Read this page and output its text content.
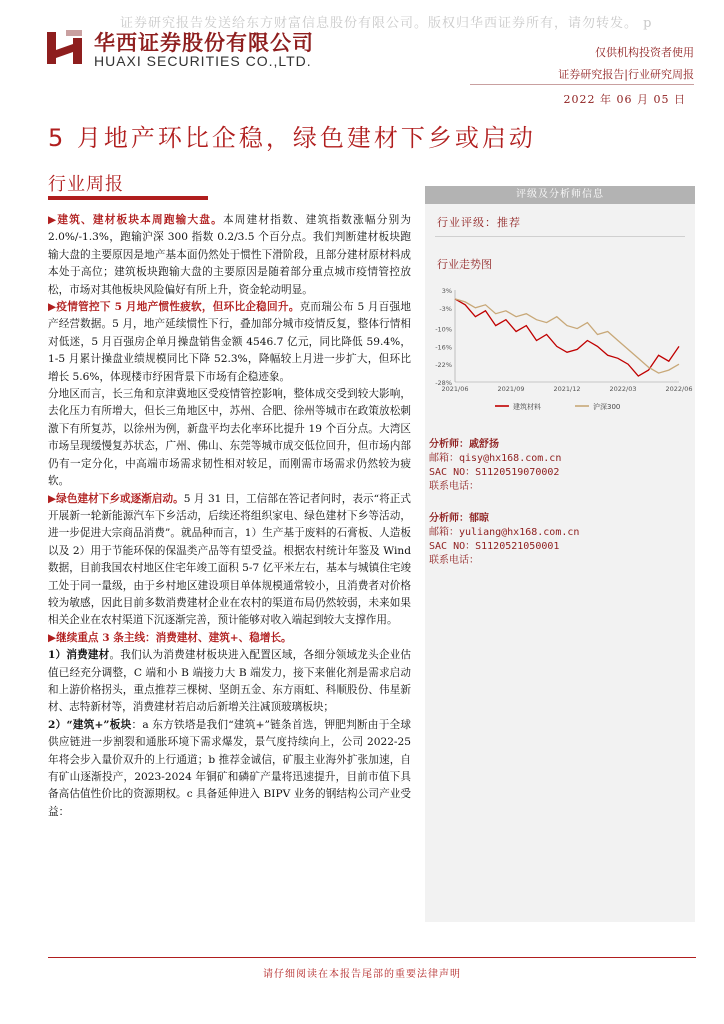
证券研究报告发送给东方财富信息股份有限公司。版权归华西证券所有，请勿转发。 p
华西证券股份有限公司
HUAXI SECURITIES CO.,LTD.
仅供机构投资者使用
证券研究报告|行业研究周报
2022 年 06 月 05 日
5 月地产环比企稳，绿色建材下乡或启动
行业周报

▶建筑、建材板块本周跑输大盘。本周建材指数、建筑指数涨幅分别为 2.0%/-1.3%，跑输沪深 300 指数 0.2/3.5 个百分点。我们判断建材板块跑输大盘的主要原因是地产基本面仍然处于惯性下滑阶段，且部分建材原材料成本处于高位；建筑板块跑输大盘的主要原因是随着部分重点城市疫情管控放松，市场对其他板块风险偏好有所上升，资金轮动明显。

▶疫情管控下 5 月地产惯性疲软，但环比企稳回升。克而瑞公布 5 月百强地产经营数据。5 月，地产延续惯性下行，叠加部分城市疫情反复，整体行情相对低迷，5 月百强房企单月操盘销售金额 4546.7 亿元，同比降低 59.4%，1-5 月累计操盘业绩规模同比下降 52.3%，降幅较上月进一步扩大，但环比增长 5.6%，体现楼市纾困背景下市场有企稳迹象。

分地区而言，长三角和京津冀地区受疫情管控影响，整体成交受到较大影响，去化压力有所增大，但长三角地区中，苏州、合肥、徐州等城市在政策放松刺激下有所复苏，以徐州为例，新盘平均去化率环比提升 19 个百分点。大湾区市场呈现缓慢复苏状态，广州、佛山、东莞等城市成交低位回升，但市场内部仍有一定分化，中高端市场需求韧性相对较足，而刚需市场需求仍然较为疲软。

▶绿色建材下乡或逐渐启动。5 月 31 日，工信部在答记者问时，表示“将正式开展新一轮新能源汽车下乡活动，后续还将组织家电、绿色建材下乡等活动，进一步促进大宗商品消费”。就品种而言，1）生产基于废料的石膏板、人造板以及 2）用于节能环保的保温类产品等有望受益。根据农村统计年鉴及 Wind 数据，目前我国农村地区住宅年竣工面积 5-7 亿平米左右，基本与城镇住宅竣工处于同一量级，由于乡村地区建设项目单体规模通常较小，且消费者对价格较为敏感，因此目前多数消费建材企业在农村的渠道布局仍然较弱，未来如果相关企业在农村渠道下沉逐渐完善，预计能够对收入端起到较大支撑作用。

▶继续重点 3 条主线：消费建材、建筑+、稳增长。

1）消费建材。我们认为消费建材板块进入配置区域，各细分领域龙头企业估值已经充分调整，C 端和小 B 端接力大 B 端发力，接下来催化剂是需求启动和上游价格拐头，重点推荐三棵树、坚朗五金、东方雨虹、科顺股份、伟星新材、志特新材等，消费建材若启动后新增关注减顶玻璃板块；

2）“建筑+”板块：a 东方铁塔是我们“建筑+”链条首选，钾肥判断由于全球供应链进一步割裂和通胀环境下需求爆发，景气度持续向上，公司 2022-25 年将会步入量价双升的上行通道；b 推荐金诚信，矿服主业海外扩张加速，自有矿山逐渐投产，2023-2024 年铜矿和磷矿产量将迅速提升，目前市值下具备高估值性价比的资源期权。c 具备延伸进入 BIPV 业务的钢结构公司产业受益：

评级及分析师信息
行业评级：推荐
行业走势图
3%
-3%
-10%
-16%
-22%
-28%
2021/06	2021/09	2021/12	2022/03	2022/06
建筑材料	沪深300
分析师：戚舒扬
邮箱：qisy@hx168.com.cn
SAC NO：S1120519070002
联系电话：
分析师：郁晾
邮箱：yuliang@hx168.com.cn
SAC NO：S1120521050001
联系电话：
请仔细阅读在本报告尾部的重要法律声明
